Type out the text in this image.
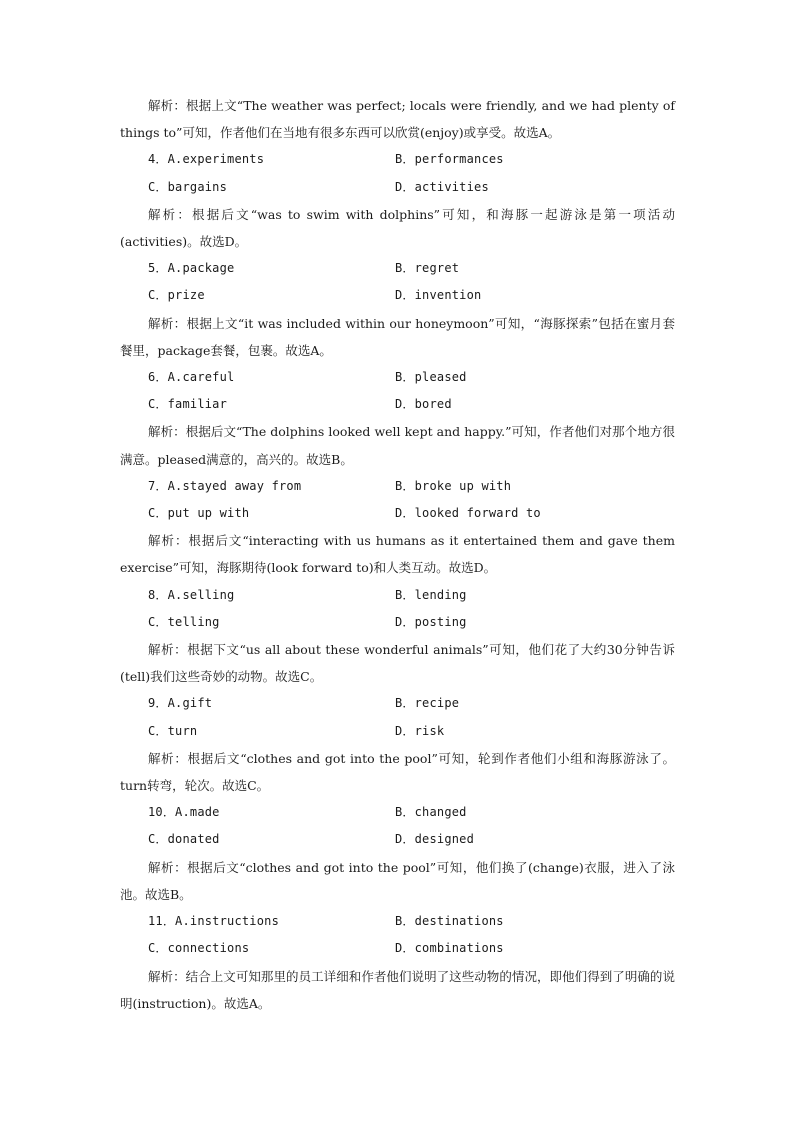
解析：根据上文“The weather was perfect; locals were friendly, and we had plenty of things to”可知，作者他们在当地有很多东西可以欣赏(enjoy)或享受。故选A。
4．A.experiments	B．performances
C．bargains	D．activities
解析：根据后文“was to swim with dolphins”可知，和海豚一起游泳是第一项活动(activities)。故选D。
5．A.package	B．regret
C．prize	D．invention
解析：根据上文“it was included within our honeymoon”可知，“海豚探索”包括在蜜月套餐里，package套餐，包裹。故选A。
6．A.careful	B．pleased
C．familiar	D．bored
解析：根据后文“The dolphins looked well kept and happy.”可知，作者他们对那个地方很满意。pleased满意的，高兴的。故选B。
7．A.stayed away from	B．broke up with
C．put up with	D．looked forward to
解析：根据后文“interacting with us humans as it entertained them and gave them exercise”可知，海豚期待(look forward to)和人类互动。故选D。
8．A.selling	B．lending
C．telling	D．posting
解析：根据下文“us all about these wonderful animals”可知，他们花了大约30分钟告诉(tell)我们这些奇妙的动物。故选C。
9．A.gift	B．recipe
C．turn	D．risk
解析：根据后文“clothes and got into the pool”可知，轮到作者他们小组和海豚游泳了。turn转弯，轮次。故选C。
10．A.made	B．changed
C．donated	D．designed
解析：根据后文“clothes and got into the pool”可知，他们换了(change)衣服，进入了泳池。故选B。
11．A.instructions	B．destinations
C．connections	D．combinations
解析：结合上文可知那里的员工详细和作者他们说明了这些动物的情况，即他们得到了明确的说明(instruction)。故选A。
